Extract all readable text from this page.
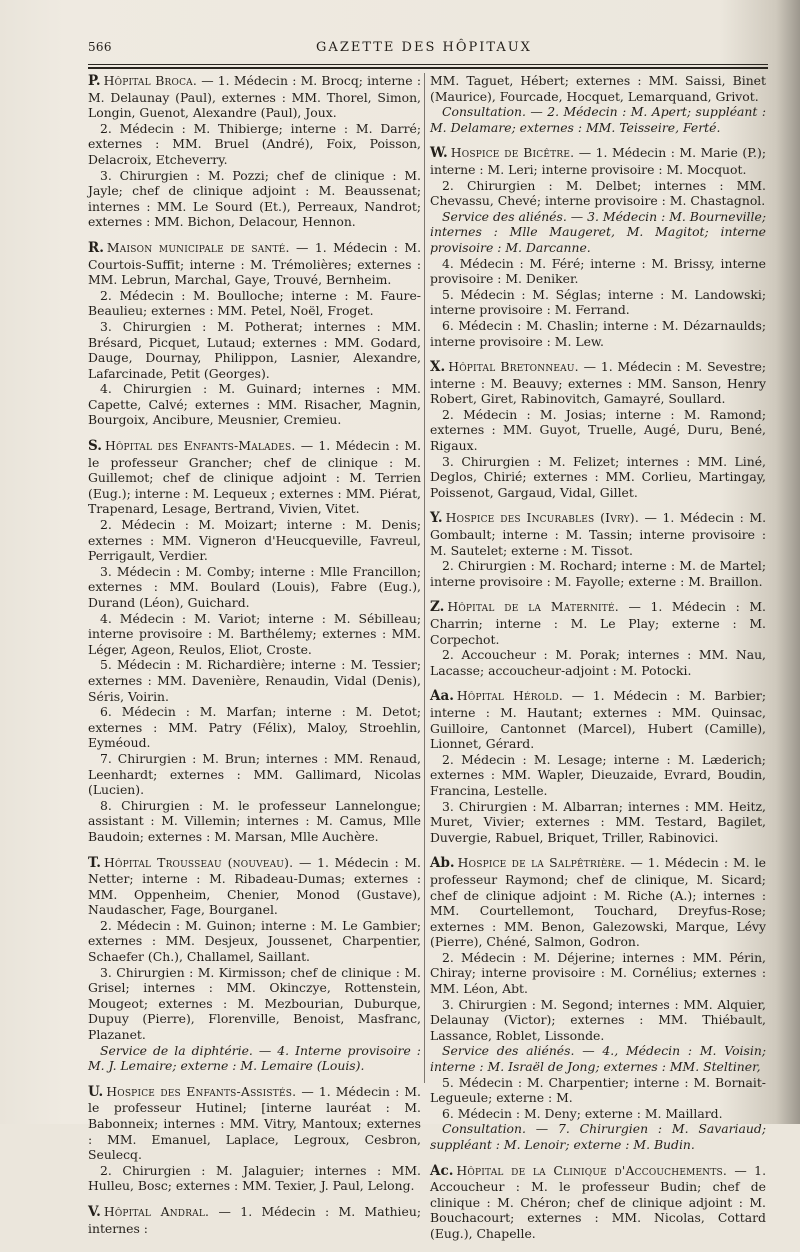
566	GAZETTE DES HÔPITAUX

P. Hôpital Broca. — 1. Médecin : M. Brocq; interne : M. Delaunay (Paul), externes : MM. Thorel, Simon, Longin, Guenot, Alexandre (Paul), Joux.

2. Médecin : M. Thibierge; interne : M. Darré; externes : MM. Bruel (André), Foix, Poisson, Delacroix, Etcheverry.

3. Chirurgien : M. Pozzi; chef de clinique : M. Jayle; chef de clinique adjoint : M. Beaussenat; internes : MM. Le Sourd (Et.), Perreaux, Nandrot; externes : MM. Bichon, Delacour, Hennon.

R. Maison municipale de santé. — 1. Médecin : M. Courtois-Suffit; interne : M. Trémolières; externes : MM. Lebrun, Marchal, Gaye, Trouvé, Bernheim.

2. Médecin : M. Boulloche; interne : M. Faure-Beaulieu; externes : MM. Petel, Noël, Froget.

3. Chirurgien : M. Potherat; internes : MM. Brésard, Picquet, Lutaud; externes : MM. Godard, Dauge, Dournay, Philippon, Lasnier, Alexandre, Lafarcinade, Petit (Georges).

4. Chirurgien : M. Guinard; internes : MM. Capette, Calvé; externes : MM. Risacher, Magnin, Bourgoix, Ancibure, Meusnier, Cremieu.

S. Hôpital des Enfants-Malades. — 1. Médecin : M. le professeur Grancher; chef de clinique : M. Guillemot; chef de clinique adjoint : M. Terrien (Eug.); interne : M. Lequeux ; externes : MM. Piérat, Trapenard, Lesage, Bertrand, Vivien, Vitet.

2. Médecin : M. Moizart; interne : M. Denis; externes : MM. Vigneron d'Heucqueville, Favreul, Perrigault, Verdier.

3. Médecin : M. Comby; interne : Mlle Francillon; externes : MM. Boulard (Louis), Fabre (Eug.), Durand (Léon), Guichard.

4. Médecin : M. Variot; interne : M. Sébilleau; interne provisoire : M. Barthélemy; externes : MM. Léger, Ageon, Reulos, Eliot, Croste.

5. Médecin : M. Richardière; interne : M. Tessier; externes : MM. Davenière, Renaudin, Vidal (Denis), Séris, Voirin.

6. Médecin : M. Marfan; interne : M. Detot; externes : MM. Patry (Félix), Maloy, Stroehlin, Eyméoud.

7. Chirurgien : M. Brun; internes : MM. Renaud, Leenhardt; externes : MM. Gallimard, Nicolas (Lucien).

8. Chirurgien : M. le professeur Lannelongue; assistant : M. Villemin; internes : M. Camus, Mlle Baudoin; externes : M. Marsan, Mlle Auchère.

T. Hôpital Trousseau (nouveau). — 1. Médecin : M. Netter; interne : M. Ribadeau-Dumas; externes : MM. Oppenheim, Chenier, Monod (Gustave), Naudascher, Fage, Bourganel.

2. Médecin : M. Guinon; interne : M. Le Gambier; externes : MM. Desjeux, Joussenet, Charpentier, Schaefer (Ch.), Challamel, Saillant.

3. Chirurgien : M. Kirmisson; chef de clinique : M. Grisel; internes : MM. Okinczye, Rottenstein, Mougeot; externes : M. Mezbourian, Duburque, Dupuy (Pierre), Florenville, Benoist, Masfranc, Plazanet.

Service de la diphtérie. — 4. Interne provisoire : M. J. Lemaire; externe : M. Lemaire (Louis).

U. Hospice des Enfants-Assistés. — 1. Médecin : M. le professeur Hutinel; [interne lauréat : M. Babonneix; internes : MM. Vitry, Mantoux; externes : MM. Emanuel, Laplace, Legroux, Cesbron, Seulecq.

2. Chirurgien : M. Jalaguier; internes : MM. Hulleu, Bosc; externes : MM. Texier, J. Paul, Lelong.

V. Hôpital Andral. — 1. Médecin : M. Mathieu; internes :

MM. Taguet, Hébert; externes : MM. Saissi, Binet (Maurice), Fourcade, Hocquet, Lemarquand, Grivot.

Consultation. — 2. Médecin : M. Apert; suppléant : M. Delamare; externes : MM. Teisseire, Ferté.

W. Hospice de Bicêtre. — 1. Médecin : M. Marie (P.); interne : M. Leri; interne provisoire : M. Mocquot.

2. Chirurgien : M. Delbet; internes : MM. Chevassu, Chevé; interne provisoire : M. Chastagnol.

Service des aliénés. — 3. Médecin : M. Bourneville; internes : Mlle Maugeret, M. Magitot; interne provisoire : M. Darcanne.

4. Médecin : M. Féré; interne : M. Brissy, interne provisoire : M. Deniker.

5. Médecin : M. Séglas; interne : M. Landowski; interne provisoire : M. Ferrand.

6. Médecin : M. Chaslin; interne : M. Dézarnaulds; interne provisoire : M. Lew.

X. Hôpital Bretonneau. — 1. Médecin : M. Sevestre; interne : M. Beauvy; externes : MM. Sanson, Henry Robert, Giret, Rabinovitch, Gamayré, Soullard.

2. Médecin : M. Josias; interne : M. Ramond; externes : MM. Guyot, Truelle, Augé, Duru, Bené, Rigaux.

3. Chirurgien : M. Felizet; internes : MM. Liné, Deglos, Chirié; externes : MM. Corlieu, Martingay, Poissenot, Gargaud, Vidal, Gillet.

Y. Hospice des Incurables (Ivry). — 1. Médecin : M. Gombault; interne : M. Tassin; interne provisoire : M. Sautelet; externe : M. Tissot.

2. Chirurgien : M. Rochard; interne : M. de Martel; interne provisoire : M. Fayolle; externe : M. Braillon.

Z. Hôpital de la Maternité. — 1. Médecin : M. Charrin; interne : M. Le Play; externe : M. Corpechot.

2. Accoucheur : M. Porak; internes : MM. Nau, Lacasse; accoucheur-adjoint : M. Potocki.

Aa. Hôpital Hérold. — 1. Médecin : M. Barbier; interne : M. Hautant; externes : MM. Quinsac, Guilloire, Cantonnet (Marcel), Hubert (Camille), Lionnet, Gérard.

2. Médecin : M. Lesage; interne : M. Læderich; externes : MM. Wapler, Dieuzaide, Evrard, Boudin, Francina, Lestelle.

3. Chirurgien : M. Albarran; internes : MM. Heitz, Muret, Vivier; externes : MM. Testard, Bagilet, Duvergie, Rabuel, Briquet, Triller, Rabinovici.

Ab. Hospice de la Salpêtrière. — 1. Médecin : M. le professeur Raymond; chef de clinique, M. Sicard; chef de clinique adjoint : M. Riche (A.); internes : MM. Courtellemont, Touchard, Dreyfus-Rose; externes : MM. Benon, Galezowski, Marque, Lévy (Pierre), Chéné, Salmon, Godron.

2. Médecin : M. Déjerine; internes : MM. Périn, Chiray; interne provisoire : M. Cornélius; externes : MM. Léon, Abt.

3. Chirurgien : M. Segond; internes : MM. Alquier, Delaunay (Victor); externes : MM. Thiébault, Lassance, Roblet, Lissonde.

Service des aliénés. — 4., Médecin : M. Voisin; interne : M. Israël de Jong; externes : MM. Steltiner,

5. Médecin : M. Charpentier; interne : M. Bornait-Legueule; externe : M.

6. Médecin : M. Deny; externe : M. Maillard.

Consultation. — 7. Chirurgien : M. Savariaud; suppléant : M. Lenoir; externe : M. Budin.

Ac. Hôpital de la Clinique d'Accouchements. — 1. Accoucheur : M. le professeur Budin; chef de clinique : M. Chéron; chef de clinique adjoint : M. Bouchacourt; externes : MM. Nicolas, Cottard (Eug.), Chapelle.
